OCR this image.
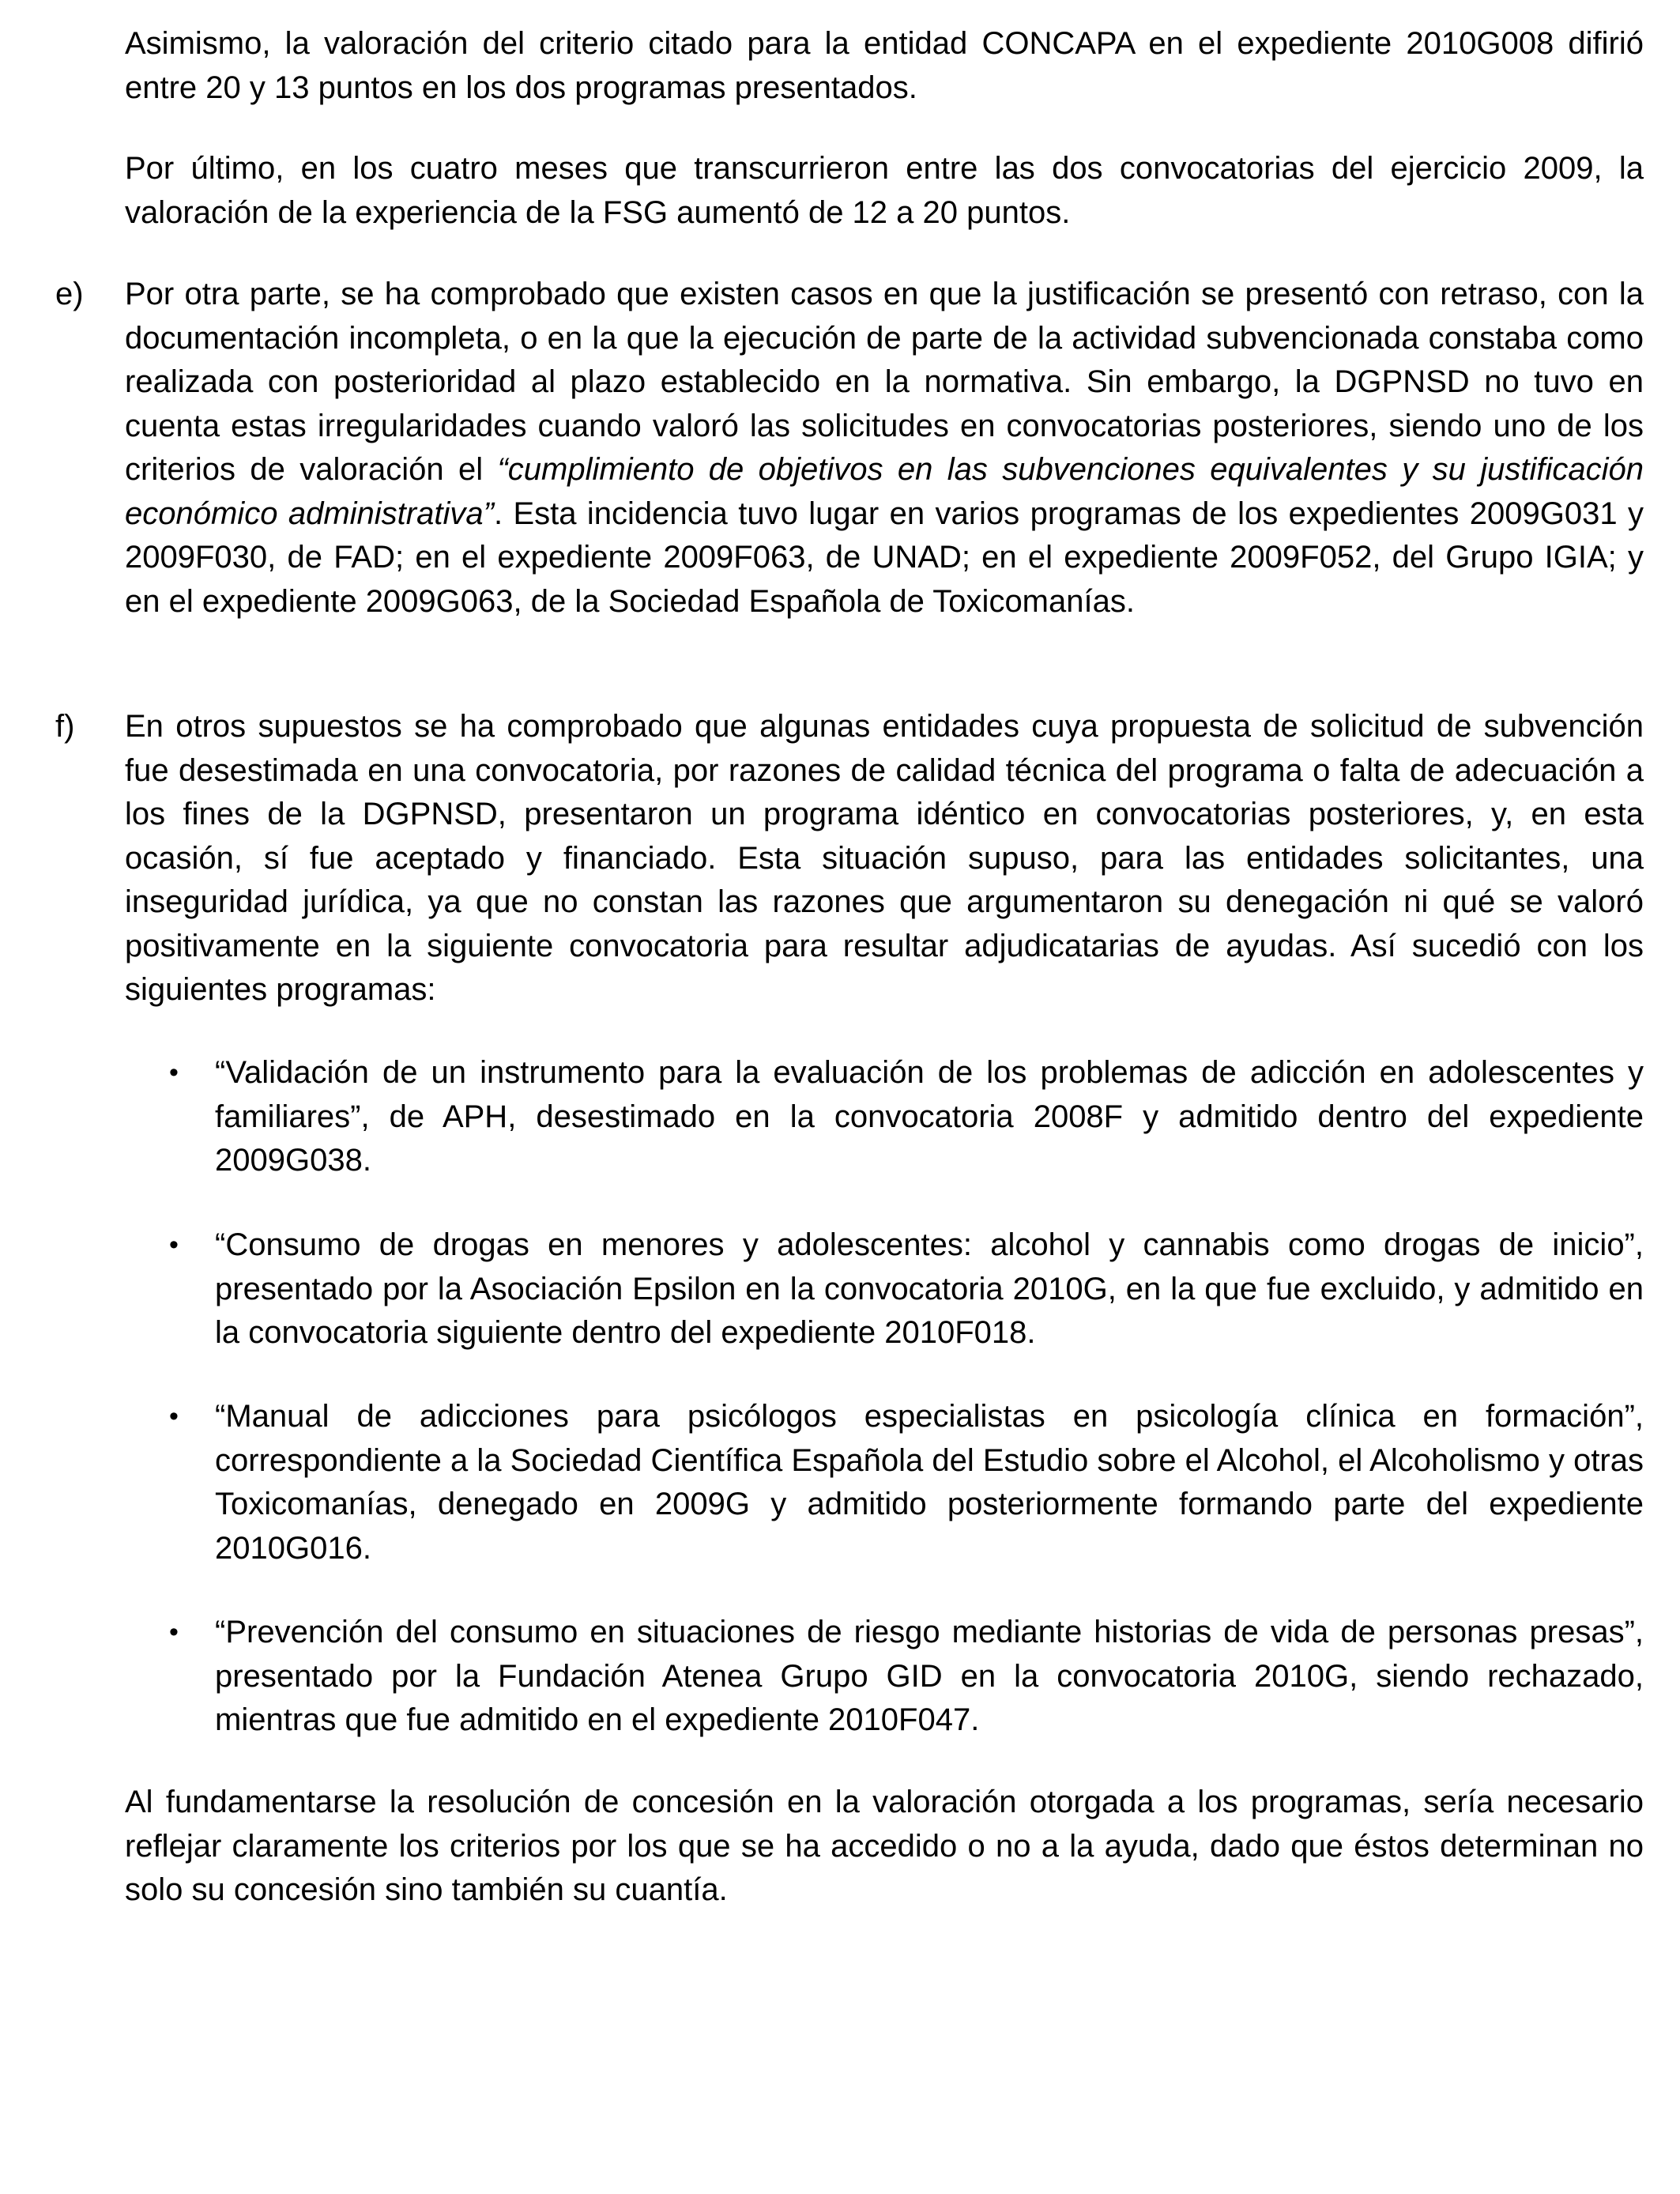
Asimismo, la valoración del criterio citado para la entidad CONCAPA en el expediente 2010G008 difirió entre 20 y 13 puntos en los dos programas presentados.

Por último, en los cuatro meses que transcurrieron entre las dos convocatorias del ejercicio 2009, la valoración de la experiencia de la FSG aumentó de 12 a 20 puntos.

e) Por otra parte, se ha comprobado que existen casos en que la justificación se presentó con retraso, con la documentación incompleta, o en la que la ejecución de parte de la actividad subvencionada constaba como realizada con posterioridad al plazo establecido en la normativa. Sin embargo, la DGPNSD no tuvo en cuenta estas irregularidades cuando valoró las solicitudes en convocatorias posteriores, siendo uno de los criterios de valoración el “cumplimiento de objetivos en las subvenciones equivalentes y su justificación económico administrativa”. Esta incidencia tuvo lugar en varios programas de los expedientes 2009G031 y 2009F030, de FAD; en el expediente 2009F063, de UNAD; en el expediente 2009F052, del Grupo IGIA; y en el expediente 2009G063, de la Sociedad Española de Toxicomanías.

f) En otros supuestos se ha comprobado que algunas entidades cuya propuesta de solicitud de subvención fue desestimada en una convocatoria, por razones de calidad técnica del programa o falta de adecuación a los fines de la DGPNSD, presentaron un programa idéntico en convocatorias posteriores, y, en esta ocasión, sí fue aceptado y financiado. Esta situación supuso, para las entidades solicitantes, una inseguridad jurídica, ya que no constan las razones que argumentaron su denegación ni qué se valoró positivamente en la siguiente convocatoria para resultar adjudicatarias de ayudas. Así sucedió con los siguientes programas:

• “Validación de un instrumento para la evaluación de los problemas de adicción en adolescentes y familiares”, de APH, desestimado en la convocatoria 2008F y admitido dentro del expediente 2009G038.

• “Consumo de drogas en menores y adolescentes: alcohol y cannabis como drogas de inicio”, presentado por la Asociación Epsilon en la convocatoria 2010G, en la que fue excluido, y admitido en la convocatoria siguiente dentro del expediente 2010F018.

• “Manual de adicciones para psicólogos especialistas en psicología clínica en formación”, correspondiente a la Sociedad Científica Española del Estudio sobre el Alcohol, el Alcoholismo y otras Toxicomanías, denegado en 2009G y admitido posteriormente formando parte del expediente 2010G016.

• “Prevención del consumo en situaciones de riesgo mediante historias de vida de personas presas”, presentado por la Fundación Atenea Grupo GID en la convocatoria 2010G, siendo rechazado, mientras que fue admitido en el expediente 2010F047.

Al fundamentarse la resolución de concesión en la valoración otorgada a los programas, sería necesario reflejar claramente los criterios por los que se ha accedido o no a la ayuda, dado que éstos determinan no solo su concesión sino también su cuantía.
